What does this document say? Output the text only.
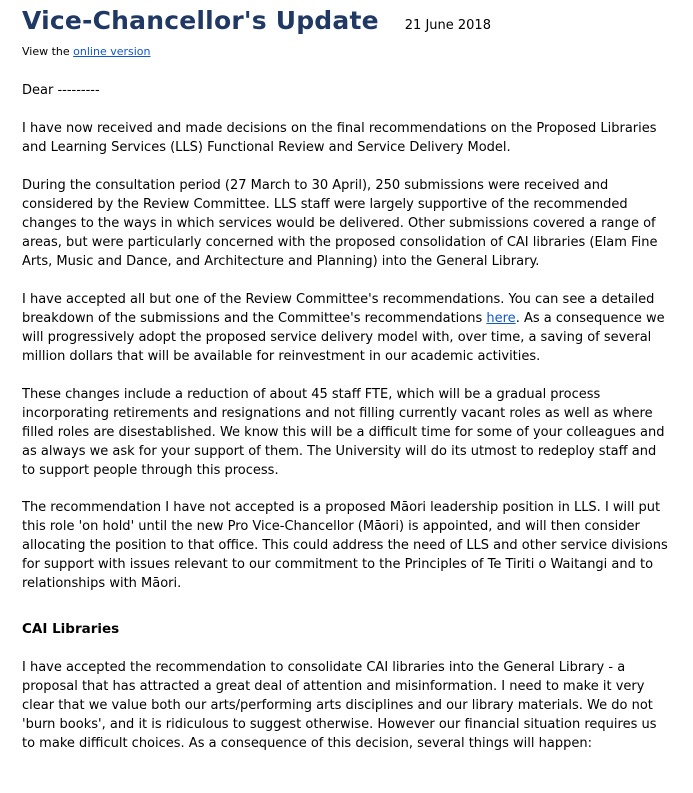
Vice-Chancellor's Update 21 June 2018
View the online version

Dear ---------

I have now received and made decisions on the final recommendations on the Proposed Libraries and Learning Services (LLS) Functional Review and Service Delivery Model.

During the consultation period (27 March to 30 April), 250 submissions were received and considered by the Review Committee. LLS staff were largely supportive of the recommended changes to the ways in which services would be delivered. Other submissions covered a range of areas, but were particularly concerned with the proposed consolidation of CAI libraries (Elam Fine Arts, Music and Dance, and Architecture and Planning) into the General Library.

I have accepted all but one of the Review Committee's recommendations. You can see a detailed breakdown of the submissions and the Committee's recommendations here. As a consequence we will progressively adopt the proposed service delivery model with, over time, a saving of several million dollars that will be available for reinvestment in our academic activities.

These changes include a reduction of about 45 staff FTE, which will be a gradual process incorporating retirements and resignations and not filling currently vacant roles as well as where filled roles are disestablished. We know this will be a difficult time for some of your colleagues and as always we ask for your support of them. The University will do its utmost to redeploy staff and to support people through this process.

The recommendation I have not accepted is a proposed Māori leadership position in LLS. I will put this role 'on hold' until the new Pro Vice-Chancellor (Māori) is appointed, and will then consider allocating the position to that office. This could address the need of LLS and other service divisions for support with issues relevant to our commitment to the Principles of Te Tiriti o Waitangi and to relationships with Māori.

CAI Libraries

I have accepted the recommendation to consolidate CAI libraries into the General Library - a proposal that has attracted a great deal of attention and misinformation. I need to make it very clear that we value both our arts/performing arts disciplines and our library materials. We do not 'burn books', and it is ridiculous to suggest otherwise. However our financial situation requires us to make difficult choices. As a consequence of this decision, several things will happen:
